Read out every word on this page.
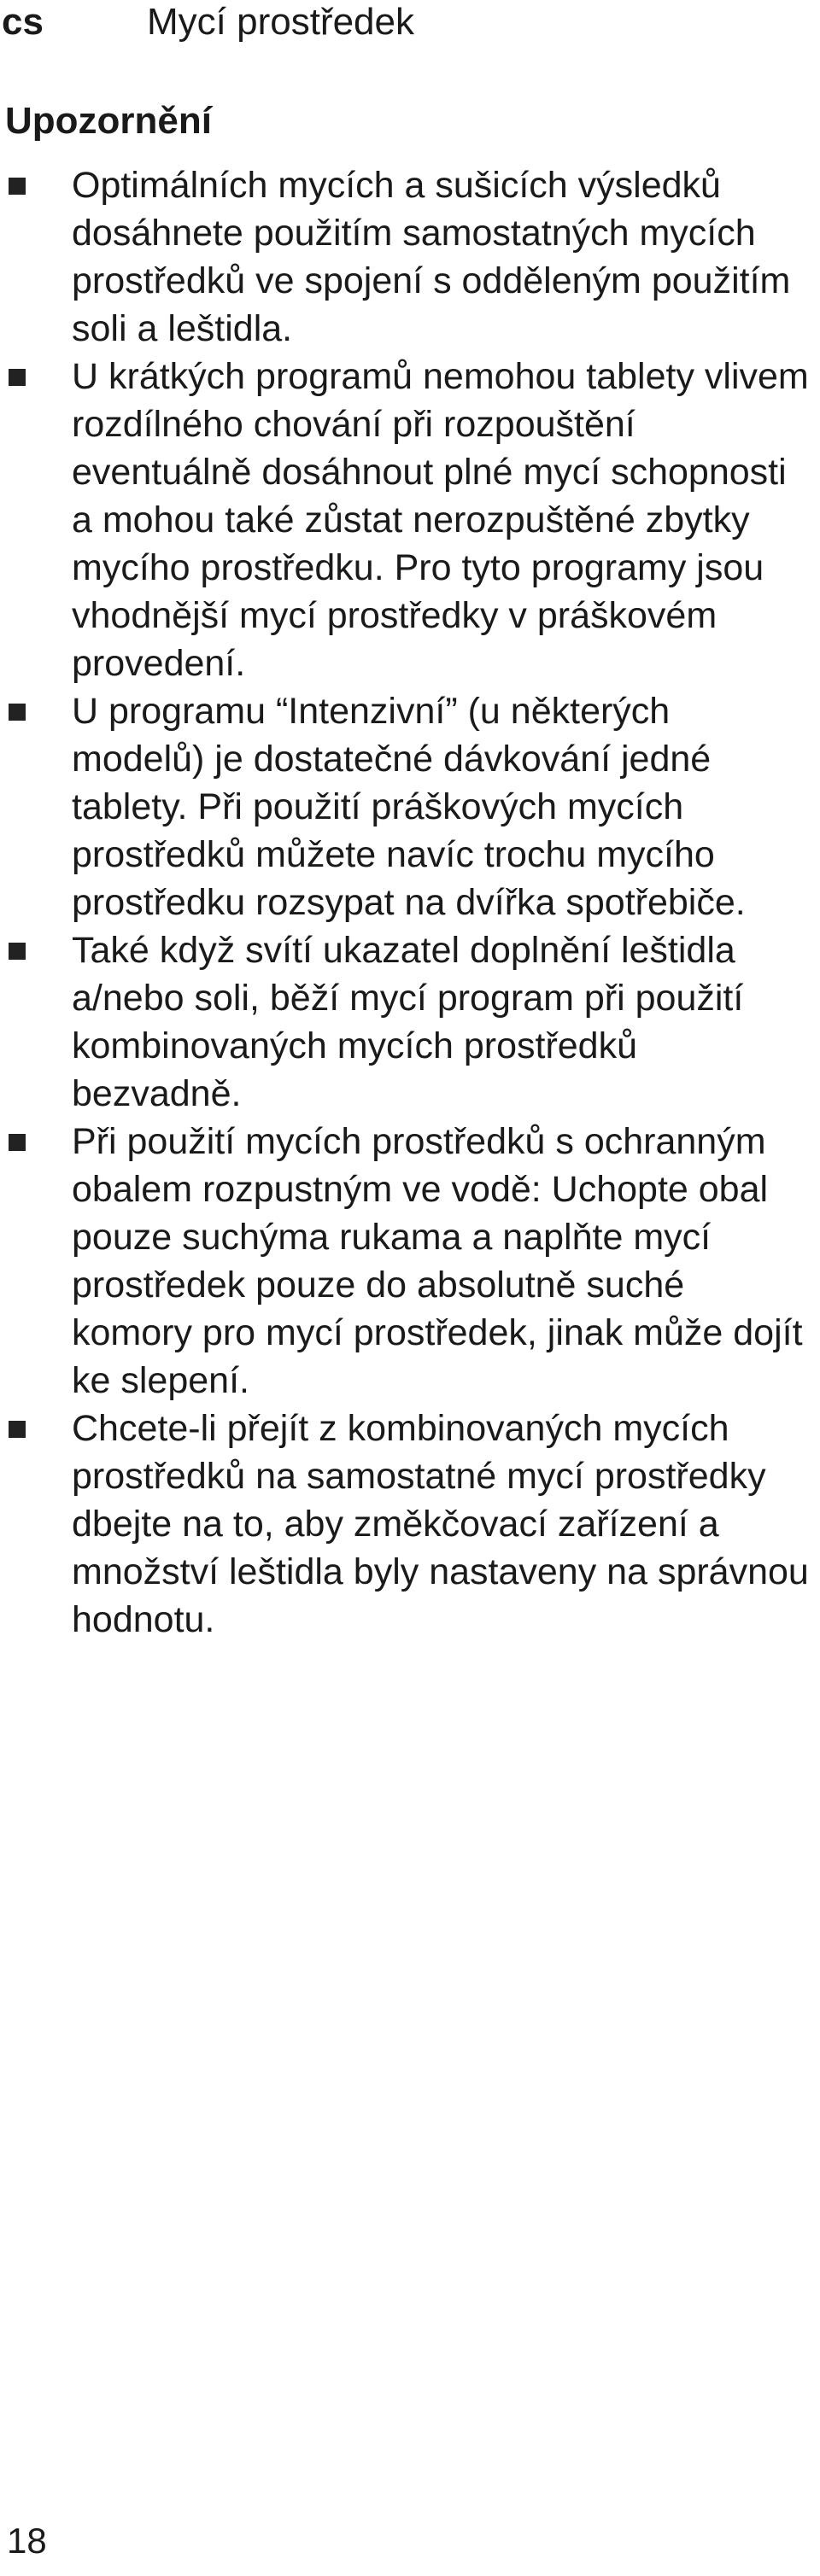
cs	Mycí prostředek
Upozornění
Optimálních mycích a sušicích výsledků dosáhnete použitím samostatných mycích prostředků ve spojení s odděleným použitím soli a leštidla.
U krátkých programů nemohou tablety vlivem rozdílného chování při rozpouštění eventuálně dosáhnout plné mycí schopnosti a mohou také zůstat nerozpuštěné zbytky mycího prostředku. Pro tyto programy jsou vhodnější mycí prostředky v práškovém provedení.
U programu “Intenzivní” (u některých modelů) je dostatečné dávkování jedné tablety. Při použití práškových mycích prostředků můžete navíc trochu mycího prostředku rozsypat na dvířka spotřebiče.
Také když svítí ukazatel doplnění leštidla a/nebo soli, běží mycí program při použití kombinovaných mycích prostředků bezvadně.
Při použití mycích prostředků s ochranným obalem rozpustným ve vodě: Uchopte obal pouze suchýma rukama a naplňte mycí prostředek pouze do absolutně suché komory pro mycí prostředek, jinak může dojít ke slepení.
Chcete-li přejít z kombinovaných mycích prostředků na samostatné mycí prostředky dbejte na to, aby změkčovací zařízení a množství leštidla byly nastaveny na správnou hodnotu.
18
